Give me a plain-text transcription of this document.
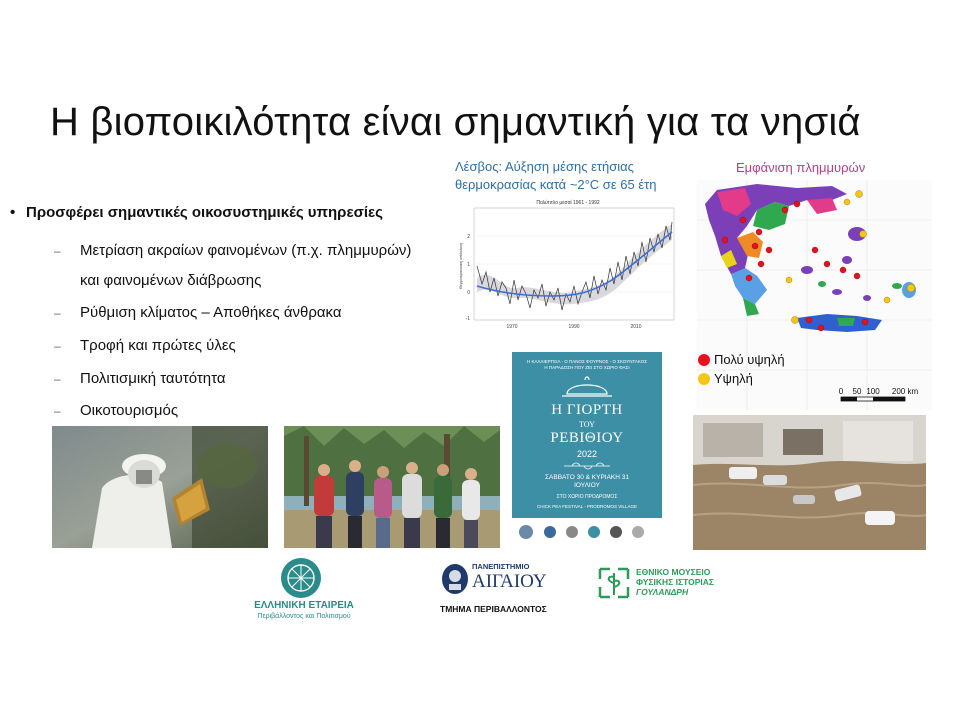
Η βιοποικιλότητα είναι σημαντική για τα νησιά
• Προσφέρει σημαντικές οικοσυστημικές υπηρεσίες
– Μετρίαση ακραίων φαινομένων (π.χ. πλημμυρών)
και φαινομένων διάβρωσης
– Ρύθμιση κλίματος – Αποθήκες άνθρακα
– Τροφή και πρώτες ύλες
– Πολιτισμική ταυτότητα
– Οικοτουρισμός
Λέσβος: Αύξηση μέσης ετήσιας
θερμοκρασίας κατά ~2°C σε 65 έτη
Πολύτιτλο μεσαί 1961 - 1992
Θερμοκρασιακή απόκλιση
2
1
0
-1
1970	1990	2010
Εμφάνιση πλημμυρών
0 50 100 200 km
Πολύ υψηλή
Υψηλή
Η ΚΑΛΛΙΕΡΓΕΙΑ - Ο ΠΑΝΟΣ ΦΟΥΡΝΟΣ - Ο ΣΚΟΥΝΤΑΚΟΣ
Η ΠΑΡΑΔΟΣΗ ΠΟΥ ΖΕΙ ΣΤΟ ΧΩΡΙΟ ΦΑΣΙ
Η ΓΙΟΡΤΗ
ΤΟΥ
ΡΕΒΙΘΙΟΥ
2022
ΣΑΒΒΑΤΟ 30 & ΚΥΡΙΑΚΗ 31
ΙΟΥΛΙΟΥ
ΣΤΟ ΧΩΡΙΟ ΠΡΟΔΡΟΜΟΣ
CHICK PEA FESTIVAL - PRODROMOS VILLAGE
ΕΛΛΗΝΙΚΗ ΕΤΑΙΡΕΙΑ
Περιβάλλοντος και Πολιτισμού
ΠΑΝΕΠΙΣΤΗΜΙΟ
ΑΙΓΑΙΟΥ
ΤΜΗΜΑ ΠΕΡΙΒΑΛΛΟΝΤΟΣ
ΕΘΝΙΚΟ ΜΟΥΣΕΙΟ
ΦΥΣΙΚΗΣ ΙΣΤΟΡΙΑΣ
ΓΟΥΛΑΝΔΡΗ
